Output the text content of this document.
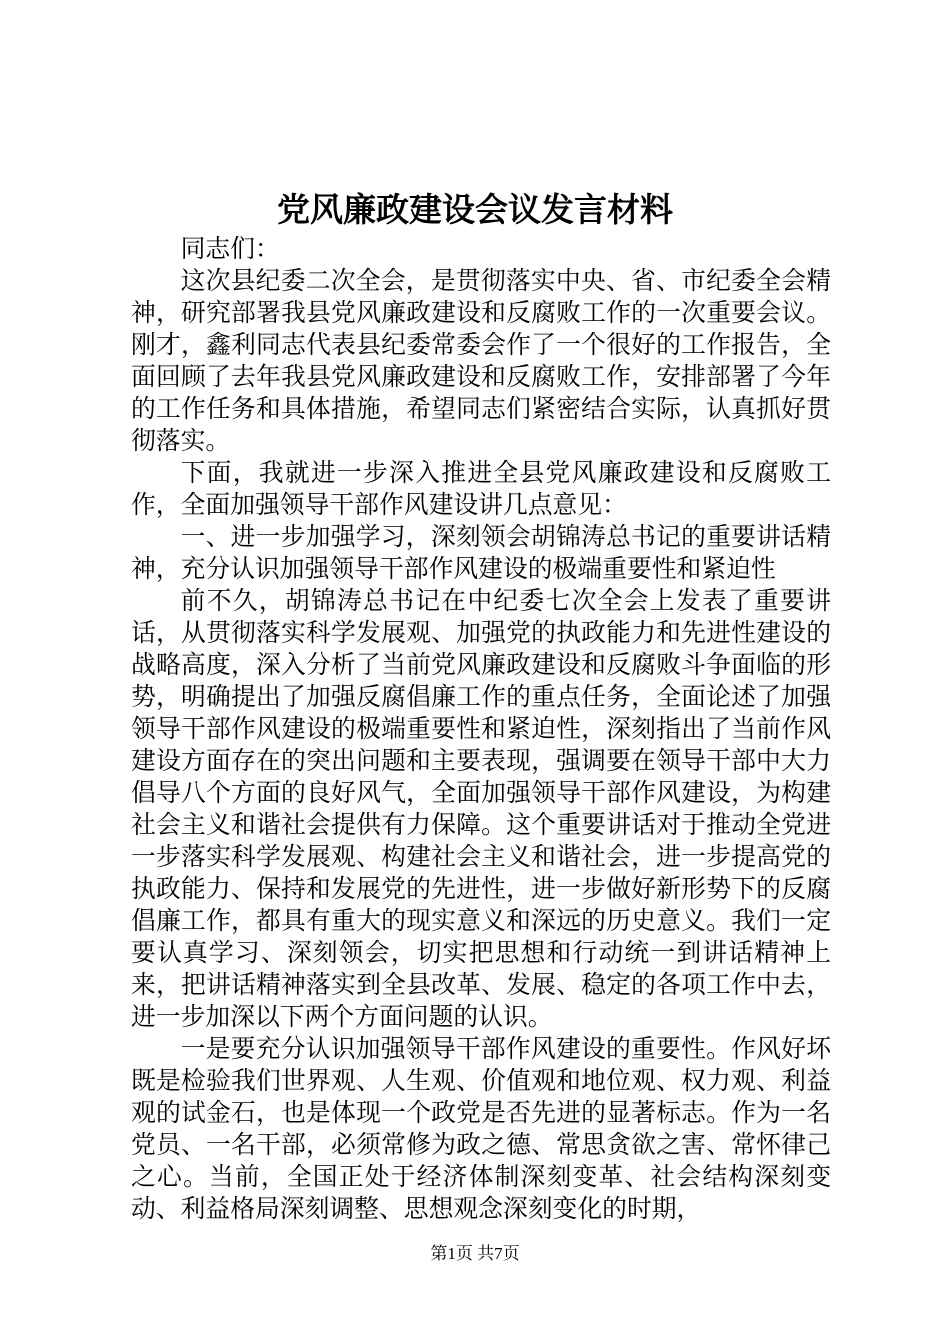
党风廉政建设会议发言材料

同志们：

这次县纪委二次全会，是贯彻落实中央、省、市纪委全会精神，研究部署我县党风廉政建设和反腐败工作的一次重要会议。刚才，鑫利同志代表县纪委常委会作了一个很好的工作报告，全面回顾了去年我县党风廉政建设和反腐败工作，安排部署了今年的工作任务和具体措施，希望同志们紧密结合实际，认真抓好贯彻落实。

下面，我就进一步深入推进全县党风廉政建设和反腐败工作，全面加强领导干部作风建设讲几点意见：

一、进一步加强学习，深刻领会胡锦涛总书记的重要讲话精神，充分认识加强领导干部作风建设的极端重要性和紧迫性

前不久，胡锦涛总书记在中纪委七次全会上发表了重要讲话，从贯彻落实科学发展观、加强党的执政能力和先进性建设的战略高度，深入分析了当前党风廉政建设和反腐败斗争面临的形势，明确提出了加强反腐倡廉工作的重点任务，全面论述了加强领导干部作风建设的极端重要性和紧迫性，深刻指出了当前作风建设方面存在的突出问题和主要表现，强调要在领导干部中大力倡导八个方面的良好风气，全面加强领导干部作风建设，为构建社会主义和谐社会提供有力保障。这个重要讲话对于推动全党进一步落实科学发展观、构建社会主义和谐社会，进一步提高党的执政能力、保持和发展党的先进性，进一步做好新形势下的反腐倡廉工作，都具有重大的现实意义和深远的历史意义。我们一定要认真学习、深刻领会，切实把思想和行动统一到讲话精神上来，把讲话精神落实到全县改革、发展、稳定的各项工作中去，进一步加深以下两个方面问题的认识。

一是要充分认识加强领导干部作风建设的重要性。作风好坏既是检验我们世界观、人生观、价值观和地位观、权力观、利益观的试金石，也是体现一个政党是否先进的显著标志。作为一名党员、一名干部，必须常修为政之德、常思贪欲之害、常怀律己之心。当前，全国正处于经济体制深刻变革、社会结构深刻变动、利益格局深刻调整、思想观念深刻变化的时期，

第1页 共7页
